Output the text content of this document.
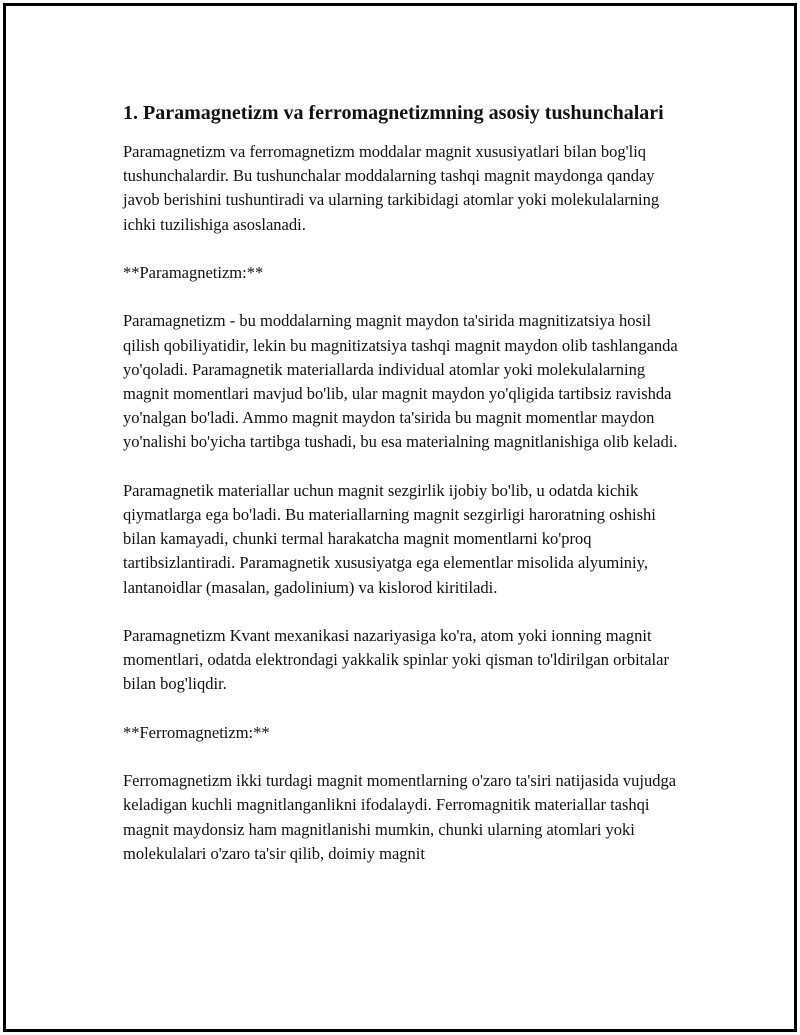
1. Paramagnetizm va ferromagnetizmning asosiy tushunchalari

Paramagnetizm va ferromagnetizm moddalar magnit xususiyatlari bilan bog'liq tushunchalardir. Bu tushunchalar moddalarning tashqi magnit maydonga qanday javob berishini tushuntiradi va ularning tarkibidagi atomlar yoki molekulalarning ichki tuzilishiga asoslanadi.

**Paramagnetizm:**

Paramagnetizm - bu moddalarning magnit maydon ta'sirida magnitizatsiya hosil qilish qobiliyatidir, lekin bu magnitizatsiya tashqi magnit maydon olib tashlanganda yo'qoladi. Paramagnetik materiallarda individual atomlar yoki molekulalarning magnit momentlari mavjud bo'lib, ular magnit maydon yo'qligida tartibsiz ravishda yo'nalgan bo'ladi. Ammo magnit maydon ta'sirida bu magnit momentlar maydon yo'nalishi bo'yicha tartibga tushadi, bu esa materialning magnitlanishiga olib keladi.

Paramagnetik materiallar uchun magnit sezgirlik ijobiy bo'lib, u odatda kichik qiymatlarga ega bo'ladi. Bu materiallarning magnit sezgirligi haroratning oshishi bilan kamayadi, chunki termal harakatcha magnit momentlarni ko'proq tartibsizlantiradi. Paramagnetik xususiyatga ega elementlar misolida alyuminiy, lantanoidlar (masalan, gadolinium) va kislorod kiritiladi.

Paramagnetizm Kvant mexanikasi nazariyasiga ko'ra, atom yoki ionning magnit momentlari, odatda elektrondagi yakkalik spinlar yoki qisman to'ldirilgan orbitalar bilan bog'liqdir.

**Ferromagnetizm:**

Ferromagnetizm ikki turdagi magnit momentlarning o'zaro ta'siri natijasida vujudga keladigan kuchli magnitlanganlikni ifodalaydi. Ferromagnitik materiallar tashqi magnit maydonsiz ham magnitlanishi mumkin, chunki ularning atomlari yoki molekulalari o'zaro ta'sir qilib, doimiy magnit
